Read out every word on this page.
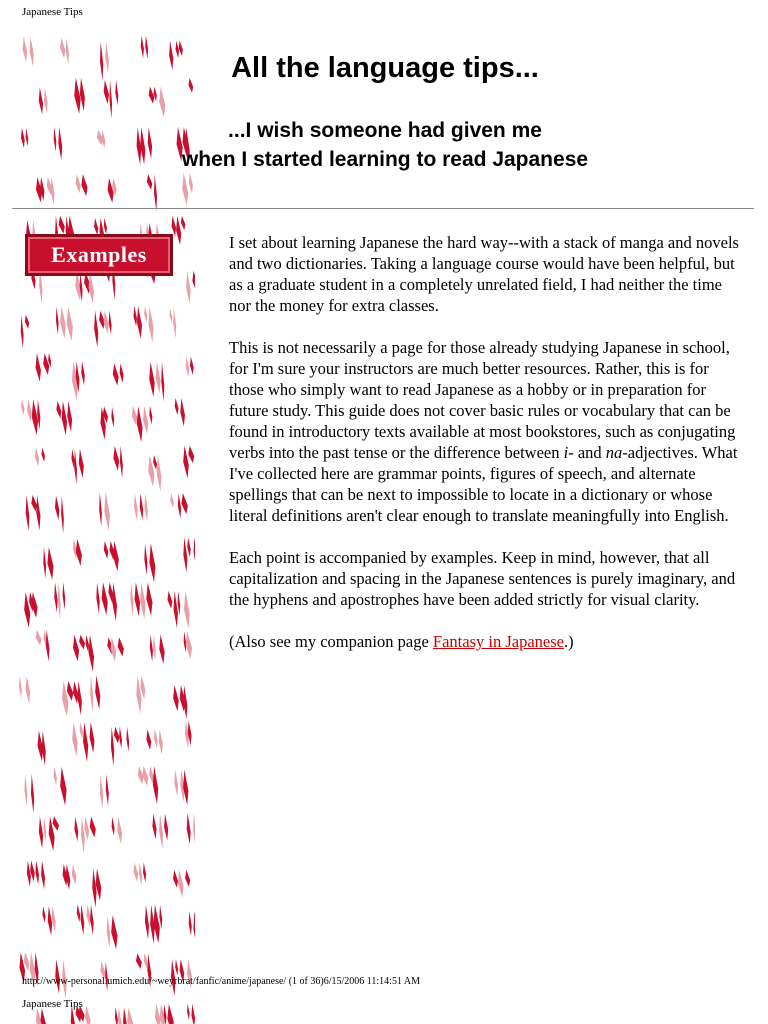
Japanese Tips
All the language tips...
...I wish someone had given me
when I started learning to read Japanese
Examples	I set about learning Japanese the hard way--with a stack of manga and novels and two dictionaries. Taking a language course would have been helpful, but as a graduate student in a completely unrelated field, I had neither the time nor the money for extra classes.

This is not necessarily a page for those already studying Japanese in school, for I'm sure your instructors are much better resources. Rather, this is for those who simply want to read Japanese as a hobby or in preparation for future study. This guide does not cover basic rules or vocabulary that can be found in introductory texts available at most bookstores, such as conjugating verbs into the past tense or the difference between i- and na-adjectives. What I've collected here are grammar points, figures of speech, and alternate spellings that can be next to impossible to locate in a dictionary or whose literal definitions aren't clear enough to translate meaningfully into English.

Each point is accompanied by examples. Keep in mind, however, that all capitalization and spacing in the Japanese sentences is purely imaginary, and the hyphens and apostrophes have been added strictly for visual clarity.

(Also see my companion page Fantasy in Japanese.)

http://www-personal.umich.edu/~weyrbrat/fanfic/anime/japanese/ (1 of 36)6/15/2006 11:14:51 AM
Japanese Tips
